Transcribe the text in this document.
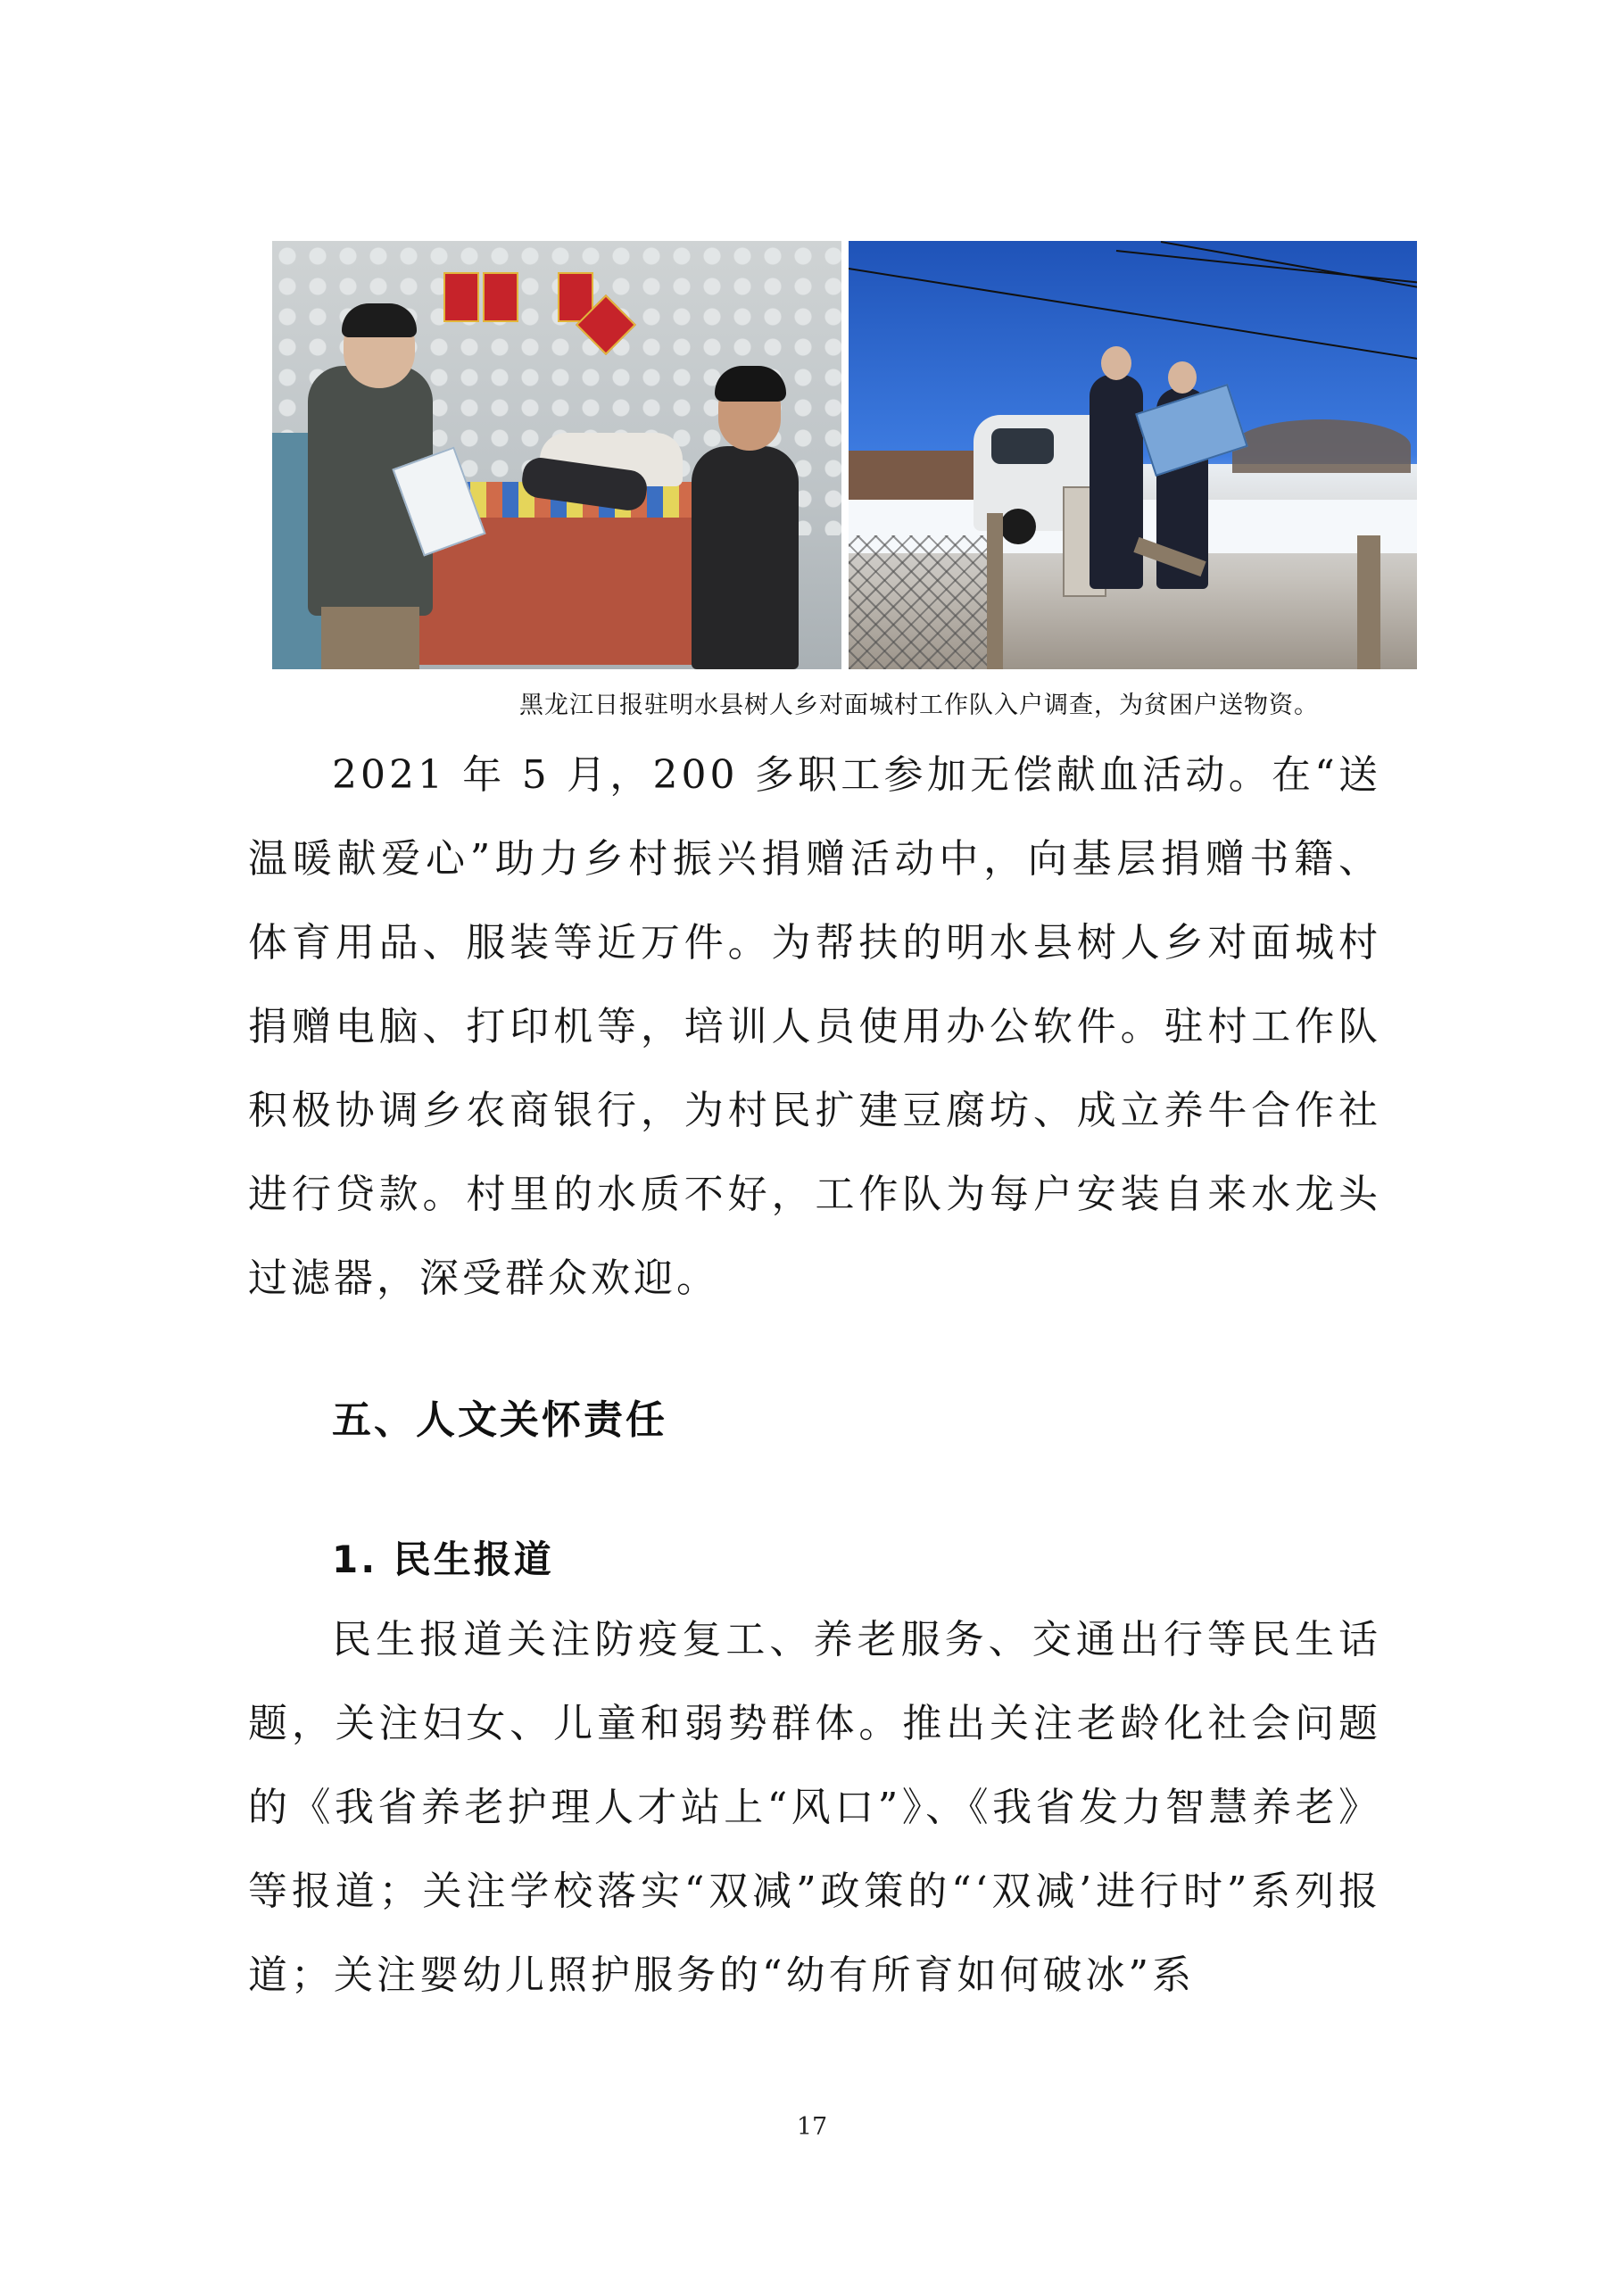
黑龙江日报驻明水县树人乡对面城村工作队入户调查，为贫困户送物资。

2021 年 5 月，200 多职工参加无偿献血活动。在“送温暖献爱心”助力乡村振兴捐赠活动中，向基层捐赠书籍、体育用品、服装等近万件。为帮扶的明水县树人乡对面城村捐赠电脑、打印机等，培训人员使用办公软件。驻村工作队积极协调乡农商银行，为村民扩建豆腐坊、成立养牛合作社进行贷款。村里的水质不好，工作队为每户安装自来水龙头过滤器，深受群众欢迎。

五、人文关怀责任
1. 民生报道

民生报道关注防疫复工、养老服务、交通出行等民生话题，关注妇女、儿童和弱势群体。推出关注老龄化社会问题的《我省养老护理人才站上“风口”》、《我省发力智慧养老》等报道；关注学校落实“双减”政策的“‘双减’进行时”系列报道；关注婴幼儿照护服务的“幼有所育如何破冰”系

17
